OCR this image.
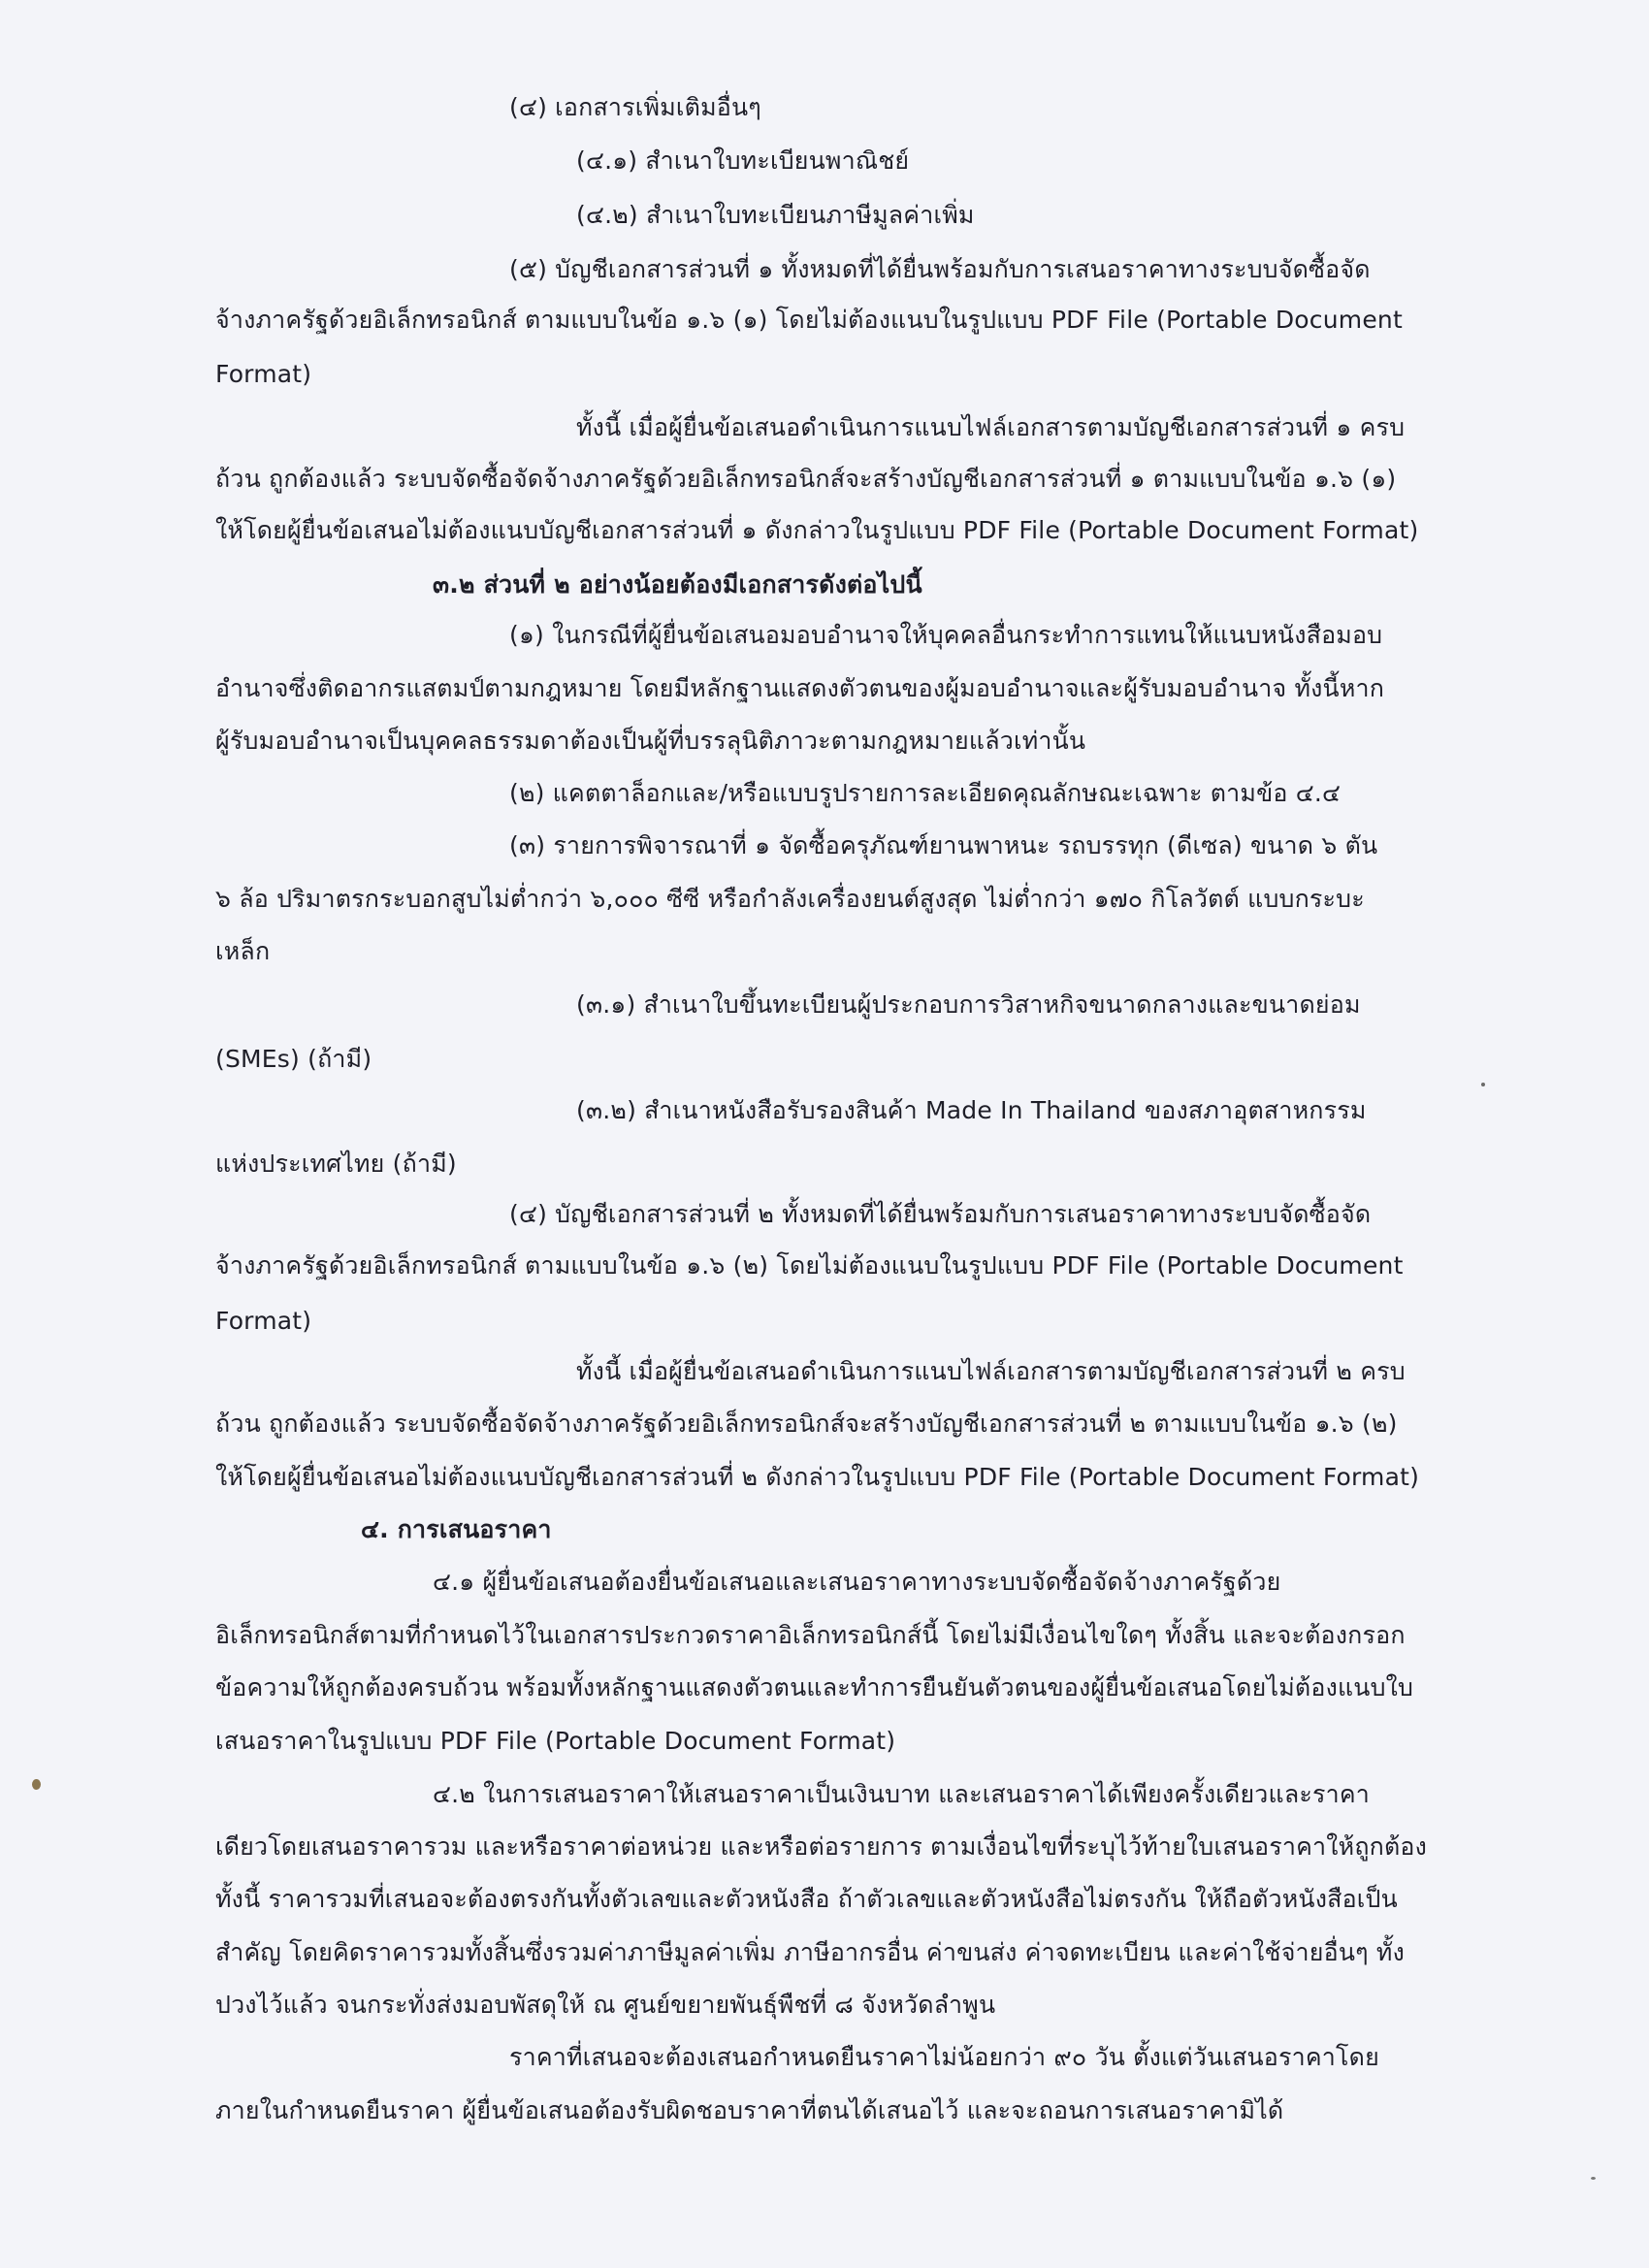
(๔) เอกสารเพิ่มเติมอื่นๆ
(๔.๑) สำเนาใบทะเบียนพาณิชย์
(๔.๒) สำเนาใบทะเบียนภาษีมูลค่าเพิ่ม
(๕) บัญชีเอกสารส่วนที่ ๑ ทั้งหมดที่ได้ยื่นพร้อมกับการเสนอราคาทางระบบจัดซื้อจัด
จ้างภาครัฐด้วยอิเล็กทรอนิกส์ ตามแบบในข้อ ๑.๖ (๑) โดยไม่ต้องแนบในรูปแบบ PDF File (Portable Document
Format)
ทั้งนี้ เมื่อผู้ยื่นข้อเสนอดำเนินการแนบไฟล์เอกสารตามบัญชีเอกสารส่วนที่ ๑ ครบ
ถ้วน ถูกต้องแล้ว ระบบจัดซื้อจัดจ้างภาครัฐด้วยอิเล็กทรอนิกส์จะสร้างบัญชีเอกสารส่วนที่ ๑ ตามแบบในข้อ ๑.๖ (๑)
ให้โดยผู้ยื่นข้อเสนอไม่ต้องแนบบัญชีเอกสารส่วนที่ ๑ ดังกล่าวในรูปแบบ PDF File (Portable Document Format)
๓.๒ ส่วนที่ ๒ อย่างน้อยต้องมีเอกสารดังต่อไปนี้
(๑) ในกรณีที่ผู้ยื่นข้อเสนอมอบอำนาจให้บุคคลอื่นกระทำการแทนให้แนบหนังสือมอบ
อำนาจซึ่งติดอากรแสตมป์ตามกฎหมาย โดยมีหลักฐานแสดงตัวตนของผู้มอบอำนาจและผู้รับมอบอำนาจ ทั้งนี้หาก
ผู้รับมอบอำนาจเป็นบุคคลธรรมดาต้องเป็นผู้ที่บรรลุนิติภาวะตามกฎหมายแล้วเท่านั้น
(๒) แคตตาล็อกและ/หรือแบบรูปรายการละเอียดคุณลักษณะเฉพาะ ตามข้อ ๔.๔
(๓) รายการพิจารณาที่ ๑ จัดซื้อครุภัณฑ์ยานพาหนะ รถบรรทุก (ดีเซล) ขนาด ๖ ตัน
๖ ล้อ ปริมาตรกระบอกสูบไม่ต่ำกว่า ๖,๐๐๐ ซีซี หรือกำลังเครื่องยนต์สูงสุด ไม่ต่ำกว่า ๑๗๐ กิโลวัตต์ แบบกระบะ
เหล็ก
(๓.๑) สำเนาใบขึ้นทะเบียนผู้ประกอบการวิสาหกิจขนาดกลางและขนาดย่อม
(SMEs) (ถ้ามี)
(๓.๒) สำเนาหนังสือรับรองสินค้า Made In Thailand ของสภาอุตสาหกรรม
แห่งประเทศไทย (ถ้ามี)
(๔) บัญชีเอกสารส่วนที่ ๒ ทั้งหมดที่ได้ยื่นพร้อมกับการเสนอราคาทางระบบจัดซื้อจัด
จ้างภาครัฐด้วยอิเล็กทรอนิกส์ ตามแบบในข้อ ๑.๖ (๒) โดยไม่ต้องแนบในรูปแบบ PDF File (Portable Document
Format)
ทั้งนี้ เมื่อผู้ยื่นข้อเสนอดำเนินการแนบไฟล์เอกสารตามบัญชีเอกสารส่วนที่ ๒ ครบ
ถ้วน ถูกต้องแล้ว ระบบจัดซื้อจัดจ้างภาครัฐด้วยอิเล็กทรอนิกส์จะสร้างบัญชีเอกสารส่วนที่ ๒ ตามแบบในข้อ ๑.๖ (๒)
ให้โดยผู้ยื่นข้อเสนอไม่ต้องแนบบัญชีเอกสารส่วนที่ ๒ ดังกล่าวในรูปแบบ PDF File (Portable Document Format)
๔. การเสนอราคา
๔.๑ ผู้ยื่นข้อเสนอต้องยื่นข้อเสนอและเสนอราคาทางระบบจัดซื้อจัดจ้างภาครัฐด้วย
อิเล็กทรอนิกส์ตามที่กำหนดไว้ในเอกสารประกวดราคาอิเล็กทรอนิกส์นี้ โดยไม่มีเงื่อนไขใดๆ ทั้งสิ้น และจะต้องกรอก
ข้อความให้ถูกต้องครบถ้วน พร้อมทั้งหลักฐานแสดงตัวตนและทำการยืนยันตัวตนของผู้ยื่นข้อเสนอโดยไม่ต้องแนบใบ
เสนอราคาในรูปแบบ PDF File (Portable Document Format)
๔.๒ ในการเสนอราคาให้เสนอราคาเป็นเงินบาท และเสนอราคาได้เพียงครั้งเดียวและราคา
เดียวโดยเสนอราคารวม และหรือราคาต่อหน่วย และหรือต่อรายการ ตามเงื่อนไขที่ระบุไว้ท้ายใบเสนอราคาให้ถูกต้อง
ทั้งนี้ ราคารวมที่เสนอจะต้องตรงกันทั้งตัวเลขและตัวหนังสือ ถ้าตัวเลขและตัวหนังสือไม่ตรงกัน ให้ถือตัวหนังสือเป็น
สำคัญ โดยคิดราคารวมทั้งสิ้นซึ่งรวมค่าภาษีมูลค่าเพิ่ม ภาษีอากรอื่น ค่าขนส่ง ค่าจดทะเบียน และค่าใช้จ่ายอื่นๆ ทั้ง
ปวงไว้แล้ว จนกระทั่งส่งมอบพัสดุให้ ณ ศูนย์ขยายพันธุ์พืชที่ ๘ จังหวัดลำพูน
ราคาที่เสนอจะต้องเสนอกำหนดยืนราคาไม่น้อยกว่า ๙๐ วัน ตั้งแต่วันเสนอราคาโดย
ภายในกำหนดยืนราคา ผู้ยื่นข้อเสนอต้องรับผิดชอบราคาที่ตนได้เสนอไว้ และจะถอนการเสนอราคามิได้
